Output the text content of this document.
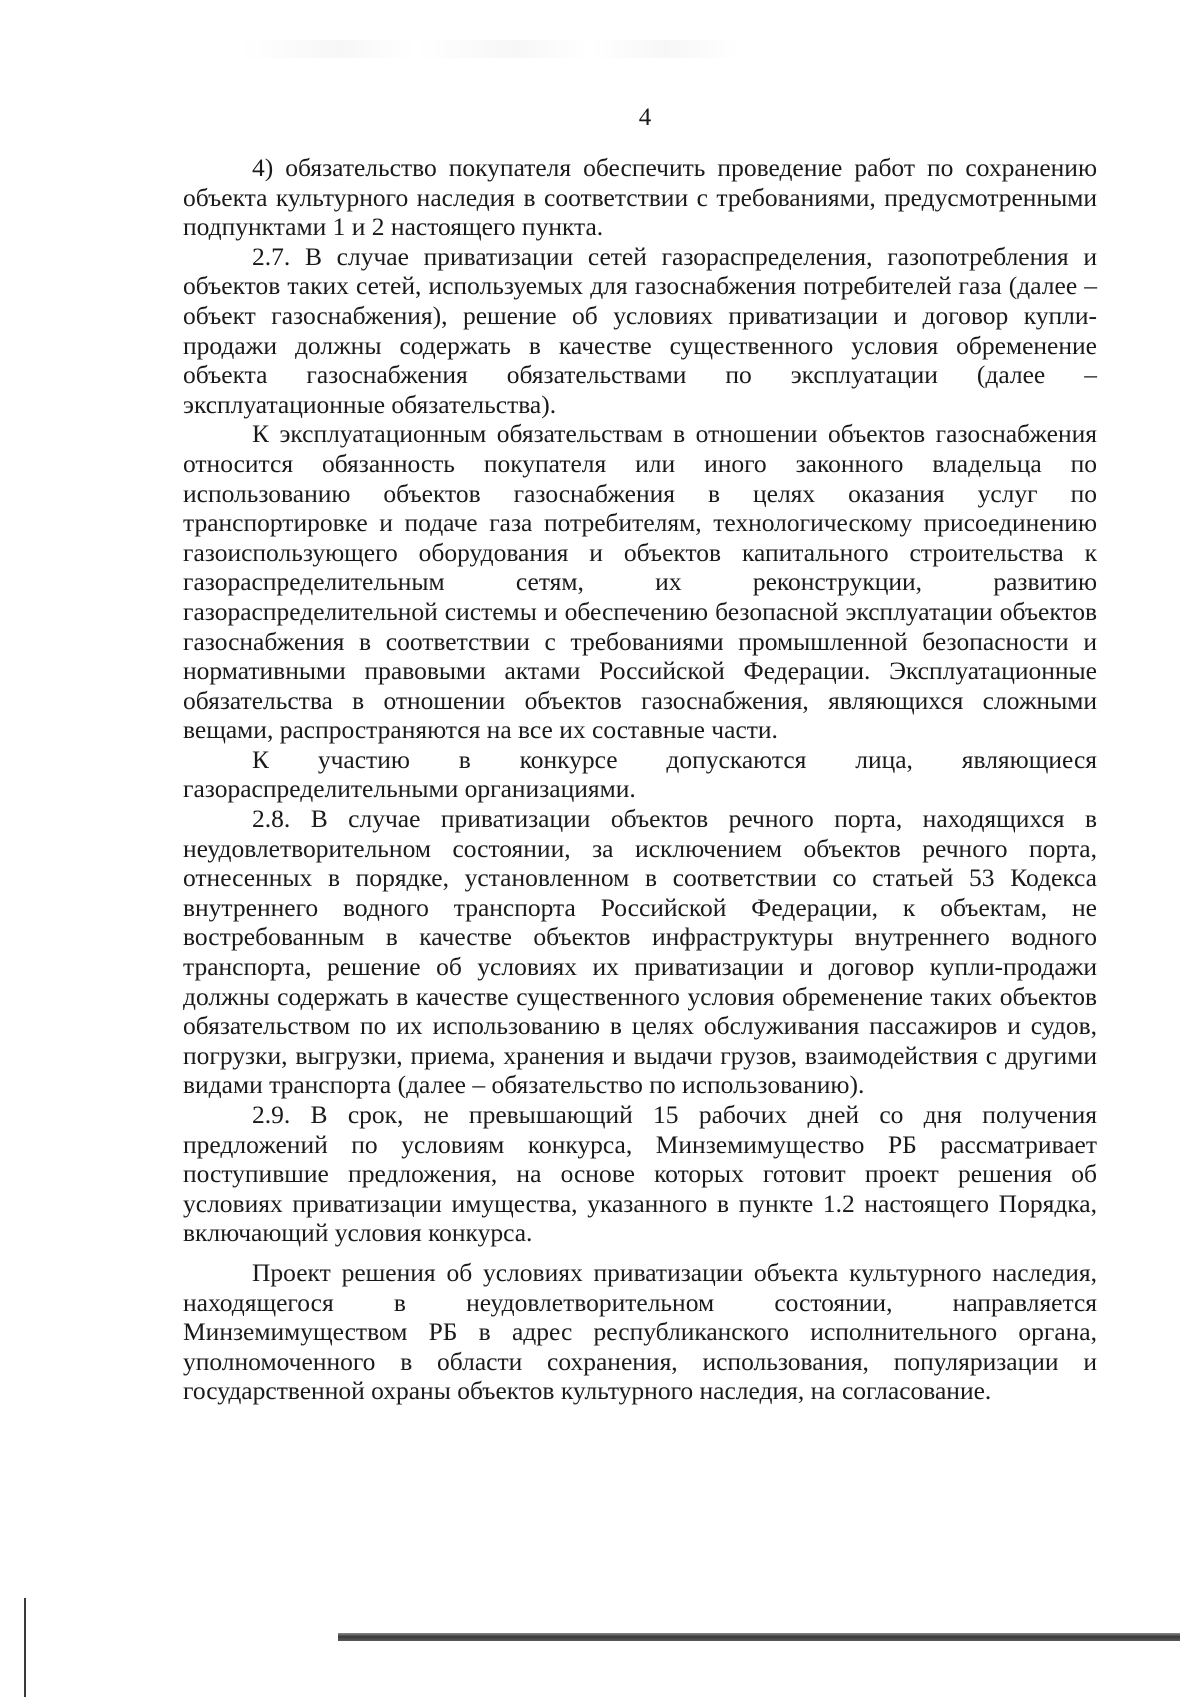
4

4) обязательство покупателя обеспечить проведение работ по сохранению объекта культурного наследия в соответствии с требованиями, предусмотренными подпунктами 1 и 2 настоящего пункта.

2.7. В случае приватизации сетей газораспределения, газопотребления и объектов таких сетей, используемых для газоснабжения потребителей газа (далее – объект газоснабжения), решение об условиях приватизации и договор купли-продажи должны содержать в качестве существенного условия обременение объекта газоснабжения обязательствами по эксплуатации (далее – эксплуатационные обязательства).

К эксплуатационным обязательствам в отношении объектов газоснабжения относится обязанность покупателя или иного законного владельца по использованию объектов газоснабжения в целях оказания услуг по транспортировке и подаче газа потребителям, технологическому присоединению газоиспользующего оборудования и объектов капитального строительства к газораспределительным сетям, их реконструкции, развитию газораспределительной системы и обеспечению безопасной эксплуатации объектов газоснабжения в соответствии с требованиями промышленной безопасности и нормативными правовыми актами Российской Федерации. Эксплуатационные обязательства в отношении объектов газоснабжения, являющихся сложными вещами, распространяются на все их составные части.

К участию в конкурсе допускаются лица, являющиеся газораспределительными организациями.

2.8. В случае приватизации объектов речного порта, находящихся в неудовлетворительном состоянии, за исключением объектов речного порта, отнесенных в порядке, установленном в соответствии со статьей 53 Кодекса внутреннего водного транспорта Российской Федерации, к объектам, не востребованным в качестве объектов инфраструктуры внутреннего водного транспорта, решение об условиях их приватизации и договор купли-продажи должны содержать в качестве существенного условия обременение таких объектов обязательством по их использованию в целях обслуживания пассажиров и судов, погрузки, выгрузки, приема, хранения и выдачи грузов, взаимодействия с другими видами транспорта (далее – обязательство по использованию).

2.9. В срок, не превышающий 15 рабочих дней со дня получения предложений по условиям конкурса, Минземимущество РБ рассматривает поступившие предложения, на основе которых готовит проект решения об условиях приватизации имущества, указанного в пункте 1.2 настоящего Порядка, включающий условия конкурса.

Проект решения об условиях приватизации объекта культурного наследия, находящегося в неудовлетворительном состоянии, направляется Минземимуществом РБ в адрес республиканского исполнительного органа, уполномоченного в области сохранения, использования, популяризации и государственной охраны объектов культурного наследия, на согласование.
